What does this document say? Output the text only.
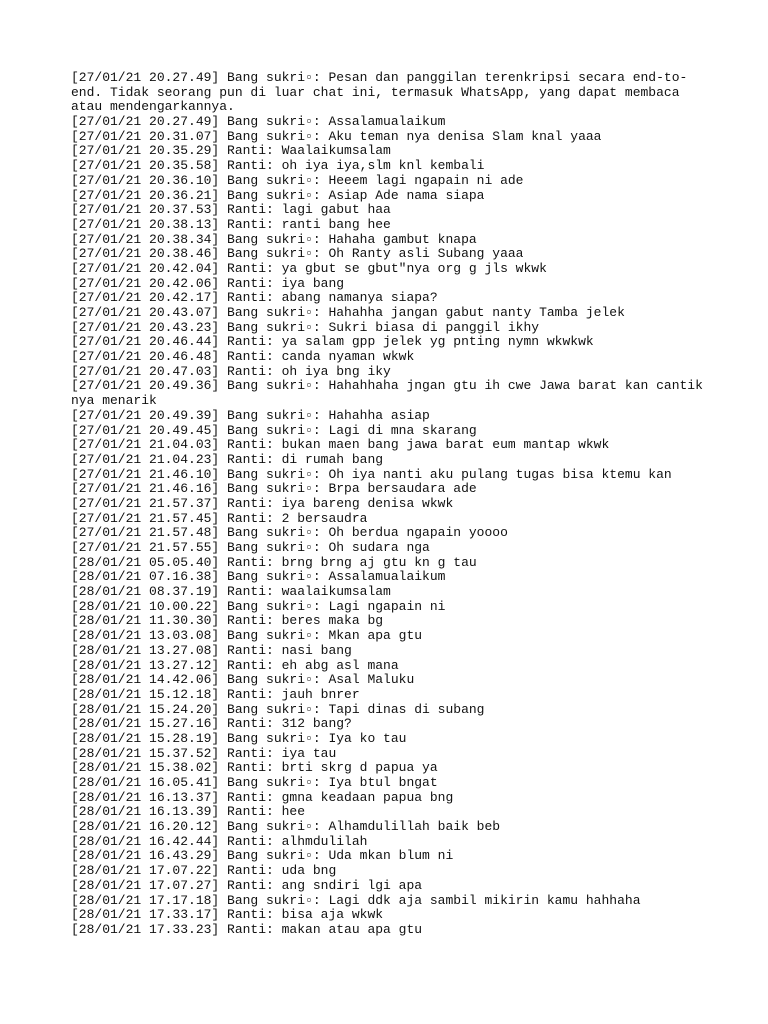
[27/01/21 20.27.49] Bang sukri▫: Pesan dan panggilan terenkripsi secara end-to-end. Tidak seorang pun di luar chat ini, termasuk WhatsApp, yang dapat membaca atau mendengarkannya.
[27/01/21 20.27.49] Bang sukri▫: Assalamualaikum
[27/01/21 20.31.07] Bang sukri▫: Aku teman nya denisa Slam knal yaaa
[27/01/21 20.35.29] Ranti: Waalaikumsalam
[27/01/21 20.35.58] Ranti: oh iya iya,slm knl kembali
[27/01/21 20.36.10] Bang sukri▫: Heeem lagi ngapain ni ade
[27/01/21 20.36.21] Bang sukri▫: Asiap Ade nama siapa
[27/01/21 20.37.53] Ranti: lagi gabut haa
[27/01/21 20.38.13] Ranti: ranti bang hee
[27/01/21 20.38.34] Bang sukri▫: Hahaha gambut knapa
[27/01/21 20.38.46] Bang sukri▫: Oh Ranty asli Subang yaaa
[27/01/21 20.42.04] Ranti: ya gbut se gbut"nya org g jls wkwk
[27/01/21 20.42.06] Ranti: iya bang
[27/01/21 20.42.17] Ranti: abang namanya siapa?
[27/01/21 20.43.07] Bang sukri▫: Hahahha jangan gabut nanty Tamba jelek
[27/01/21 20.43.23] Bang sukri▫: Sukri biasa di panggil ikhy
[27/01/21 20.46.44] Ranti: ya salam gpp jelek yg pnting nymn wkwkwk
[27/01/21 20.46.48] Ranti: canda nyaman wkwk
[27/01/21 20.47.03] Ranti: oh iya bng iky
[27/01/21 20.49.36] Bang sukri▫: Hahahhaha jngan gtu ih cwe Jawa barat kan cantik nya menarik
[27/01/21 20.49.39] Bang sukri▫: Hahahha asiap
[27/01/21 20.49.45] Bang sukri▫: Lagi di mna skarang
[27/01/21 21.04.03] Ranti: bukan maen bang jawa barat eum mantap wkwk
[27/01/21 21.04.23] Ranti: di rumah bang
[27/01/21 21.46.10] Bang sukri▫: Oh iya nanti aku pulang tugas bisa ktemu kan
[27/01/21 21.46.16] Bang sukri▫: Brpa bersaudara ade
[27/01/21 21.57.37] Ranti: iya bareng denisa wkwk
[27/01/21 21.57.45] Ranti: 2 bersaudra
[27/01/21 21.57.48] Bang sukri▫: Oh berdua ngapain yoooo
[27/01/21 21.57.55] Bang sukri▫: Oh sudara nga
[28/01/21 05.05.40] Ranti: brng brng aj gtu kn g tau
[28/01/21 07.16.38] Bang sukri▫: Assalamualaikum
[28/01/21 08.37.19] Ranti: waalaikumsalam
[28/01/21 10.00.22] Bang sukri▫: Lagi ngapain ni
[28/01/21 11.30.30] Ranti: beres maka bg
[28/01/21 13.03.08] Bang sukri▫: Mkan apa gtu
[28/01/21 13.27.08] Ranti: nasi bang
[28/01/21 13.27.12] Ranti: eh abg asl mana
[28/01/21 14.42.06] Bang sukri▫: Asal Maluku
[28/01/21 15.12.18] Ranti: jauh bnrer
[28/01/21 15.24.20] Bang sukri▫: Tapi dinas di subang
[28/01/21 15.27.16] Ranti: 312 bang?
[28/01/21 15.28.19] Bang sukri▫: Iya ko tau
[28/01/21 15.37.52] Ranti: iya tau
[28/01/21 15.38.02] Ranti: brti skrg d papua ya
[28/01/21 16.05.41] Bang sukri▫: Iya btul bngat
[28/01/21 16.13.37] Ranti: gmna keadaan papua bng
[28/01/21 16.13.39] Ranti: hee
[28/01/21 16.20.12] Bang sukri▫: Alhamdulillah baik beb
[28/01/21 16.42.44] Ranti: alhmdulilah
[28/01/21 16.43.29] Bang sukri▫: Uda mkan blum ni
[28/01/21 17.07.22] Ranti: uda bng
[28/01/21 17.07.27] Ranti: ang sndiri lgi apa
[28/01/21 17.17.18] Bang sukri▫: Lagi ddk aja sambil mikirin kamu hahhaha
[28/01/21 17.33.17] Ranti: bisa aja wkwk
[28/01/21 17.33.23] Ranti: makan atau apa gtu
